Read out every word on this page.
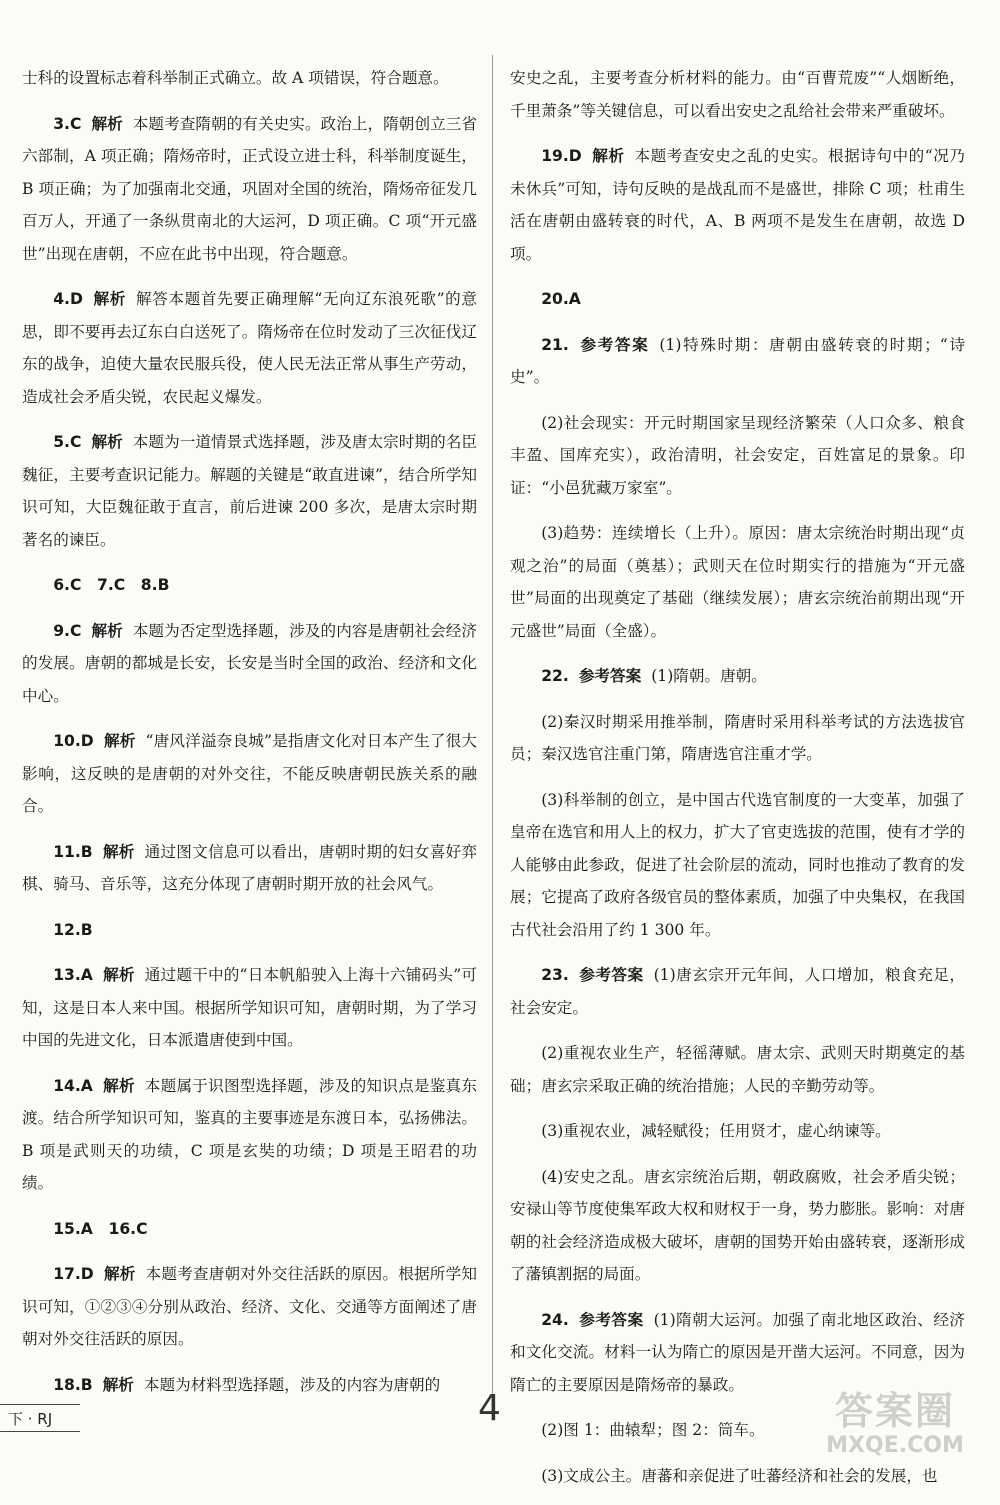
士科的设置标志着科举制正式确立。故 A 项错误，符合题意。

3.C 解析 本题考查隋朝的有关史实。政治上，隋朝创立三省六部制，A 项正确；隋炀帝时，正式设立进士科，科举制度诞生，B 项正确；为了加强南北交通，巩固对全国的统治，隋炀帝征发几百万人，开通了一条纵贯南北的大运河，D 项正确。C 项“开元盛世”出现在唐朝，不应在此书中出现，符合题意。

4.D 解析 解答本题首先要正确理解“无向辽东浪死歌”的意思，即不要再去辽东白白送死了。隋炀帝在位时发动了三次征伐辽东的战争，迫使大量农民服兵役，使人民无法正常从事生产劳动，造成社会矛盾尖锐，农民起义爆发。

5.C 解析 本题为一道情景式选择题，涉及唐太宗时期的名臣魏征，主要考查识记能力。解题的关键是“敢直进谏”，结合所学知识可知，大臣魏征敢于直言，前后进谏 200 多次，是唐太宗时期著名的谏臣。

6.C　7.C　8.B

9.C 解析 本题为否定型选择题，涉及的内容是唐朝社会经济的发展。唐朝的都城是长安，长安是当时全国的政治、经济和文化中心。

10.D 解析 “唐风洋溢奈良城”是指唐文化对日本产生了很大影响，这反映的是唐朝的对外交往，不能反映唐朝民族关系的融合。

11.B 解析 通过图文信息可以看出，唐朝时期的妇女喜好弈棋、骑马、音乐等，这充分体现了唐朝时期开放的社会风气。

12.B

13.A 解析 通过题干中的“日本帆船驶入上海十六铺码头”可知，这是日本人来中国。根据所学知识可知，唐朝时期，为了学习中国的先进文化，日本派遣唐使到中国。

14.A 解析 本题属于识图型选择题，涉及的知识点是鉴真东渡。结合所学知识可知，鉴真的主要事迹是东渡日本，弘扬佛法。B 项是武则天的功绩，C 项是玄奘的功绩；D 项是王昭君的功绩。

15.A　16.C

17.D 解析 本题考查唐朝对外交往活跃的原因。根据所学知识可知，①②③④分别从政治、经济、文化、交通等方面阐述了唐朝对外交往活跃的原因。

18.B 解析 本题为材料型选择题，涉及的内容为唐朝的

安史之乱，主要考查分析材料的能力。由“百曹荒废”“人烟断绝，千里萧条”等关键信息，可以看出安史之乱给社会带来严重破坏。

19.D 解析 本题考查安史之乱的史实。根据诗句中的“况乃未休兵”可知，诗句反映的是战乱而不是盛世，排除 C 项；杜甫生活在唐朝由盛转衰的时代，A、B 两项不是发生在唐朝，故选 D 项。

20.A

21. 参考答案 (1)特殊时期：唐朝由盛转衰的时期；“诗史”。

(2)社会现实：开元时期国家呈现经济繁荣（人口众多、粮食丰盈、国库充实），政治清明，社会安定，百姓富足的景象。印证：“小邑犹藏万家室”。

(3)趋势：连续增长（上升）。原因：唐太宗统治时期出现“贞观之治”的局面（奠基）；武则天在位时期实行的措施为“开元盛世”局面的出现奠定了基础（继续发展）；唐玄宗统治前期出现“开元盛世”局面（全盛）。

22. 参考答案 (1)隋朝。唐朝。

(2)秦汉时期采用推举制，隋唐时采用科举考试的方法选拔官员；秦汉选官注重门第，隋唐选官注重才学。

(3)科举制的创立，是中国古代选官制度的一大变革，加强了皇帝在选官和用人上的权力，扩大了官吏选拔的范围，使有才学的人能够由此参政，促进了社会阶层的流动，同时也推动了教育的发展；它提高了政府各级官员的整体素质，加强了中央集权，在我国古代社会沿用了约 1 300 年。

23. 参考答案 (1)唐玄宗开元年间，人口增加，粮食充足，社会安定。

(2)重视农业生产，轻徭薄赋。唐太宗、武则天时期奠定的基础；唐玄宗采取正确的统治措施；人民的辛勤劳动等。

(3)重视农业，减轻赋役；任用贤才，虚心纳谏等。

(4)安史之乱。唐玄宗统治后期，朝政腐败，社会矛盾尖锐；安禄山等节度使集军政大权和财权于一身，势力膨胀。影响：对唐朝的社会经济造成极大破坏，唐朝的国势开始由盛转衰，逐渐形成了藩镇割据的局面。

24. 参考答案 (1)隋朝大运河。加强了南北地区政治、经济和文化交流。材料一认为隋亡的原因是开凿大运河。不同意，因为隋亡的主要原因是隋炀帝的暴政。

(2)图 1：曲辕犁；图 2：筒车。

(3)文成公主。唐蕃和亲促进了吐蕃经济和社会的发展，也

下 · RJ	4	答案圈
MXQE.COM
